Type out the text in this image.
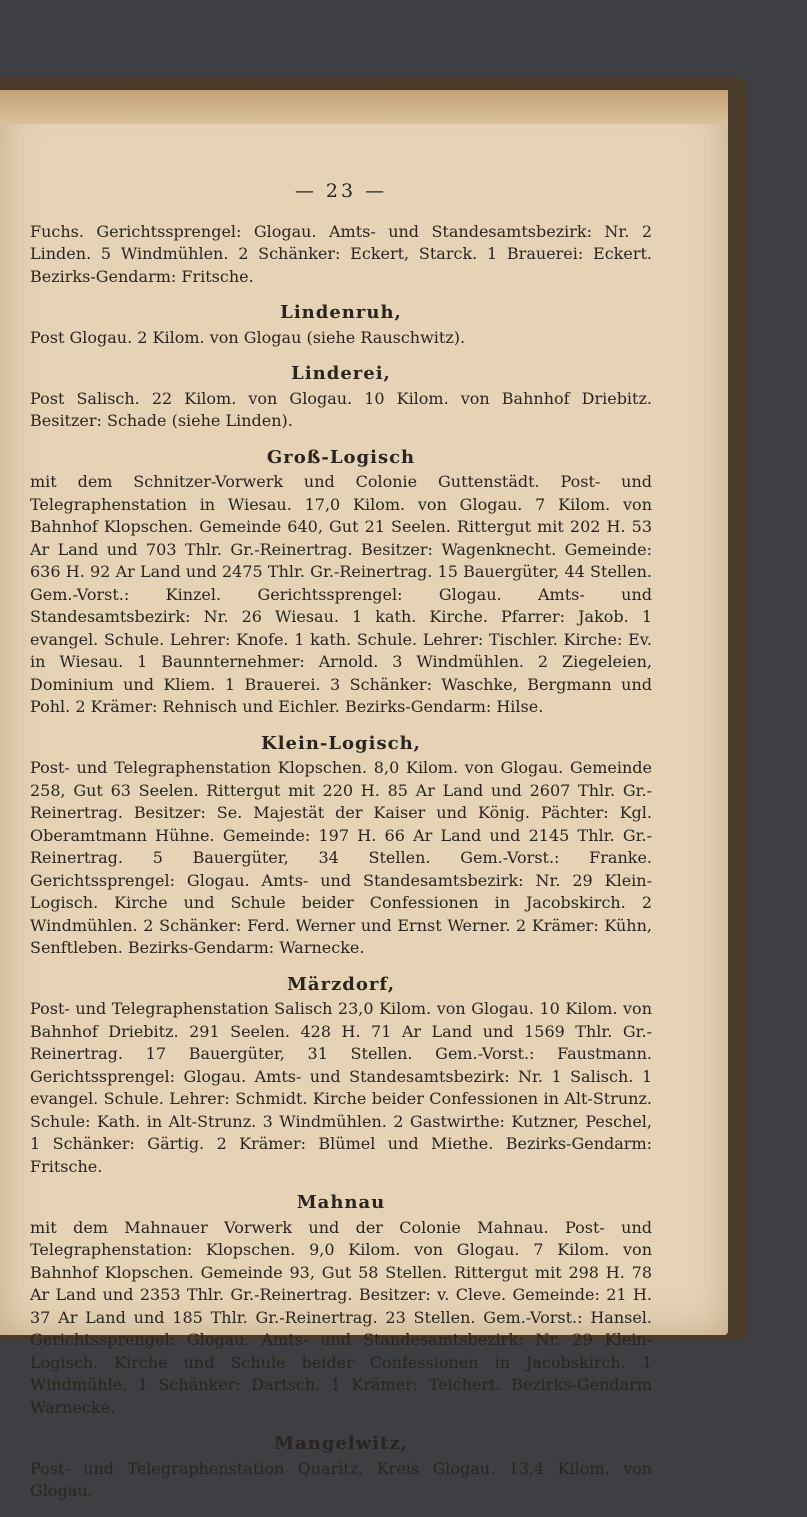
— 23 —
Fuchs. Gerichtssprengel: Glogau. Amts- und Standesamtsbezirk: Nr. 2 Linden. 5 Windmühlen. 2 Schänker: Eckert, Starck. 1 Brauerei: Eckert. Bezirks-Gendarm: Fritsche.
Lindenruh,
Post Glogau. 2 Kilom. von Glogau (siehe Rauschwitz).
Linderei,
Post Salisch. 22 Kilom. von Glogau. 10 Kilom. von Bahnhof Driebitz. Besitzer: Schade (siehe Linden).
Groß-Logisch
mit dem Schnitzer-Vorwerk und Colonie Guttenstädt. Post- und Telegraphenstation in Wiesau. 17,0 Kilom. von Glogau. 7 Kilom. von Bahnhof Klopschen. Gemeinde 640, Gut 21 Seelen. Rittergut mit 202 H. 53 Ar Land und 703 Thlr. Gr.-Reinertrag. Besitzer: Wagenknecht. Gemeinde: 636 H. 92 Ar Land und 2475 Thlr. Gr.-Reinertrag. 15 Bauergüter, 44 Stellen. Gem.-Vorst.: Kinzel. Gerichtssprengel: Glogau. Amts- und Standesamtsbezirk: Nr. 26 Wiesau. 1 kath. Kirche. Pfarrer: Jakob. 1 evangel. Schule. Lehrer: Knofe. 1 kath. Schule. Lehrer: Tischler. Kirche: Ev. in Wiesau. 1 Baunnternehmer: Arnold. 3 Windmühlen. 2 Ziegeleien, Dominium und Kliem. 1 Brauerei. 3 Schänker: Waschke, Bergmann und Pohl. 2 Krämer: Rehnisch und Eichler. Bezirks-Gendarm: Hilse.
Klein-Logisch,
Post- und Telegraphenstation Klopschen. 8,0 Kilom. von Glogau. Gemeinde 258, Gut 63 Seelen. Rittergut mit 220 H. 85 Ar Land und 2607 Thlr. Gr.-Reinertrag. Besitzer: Se. Majestät der Kaiser und König. Pächter: Kgl. Oberamtmann Hühne. Gemeinde: 197 H. 66 Ar Land und 2145 Thlr. Gr.-Reinertrag. 5 Bauergüter, 34 Stellen. Gem.-Vorst.: Franke. Gerichtssprengel: Glogau. Amts- und Standesamtsbezirk: Nr. 29 Klein-Logisch. Kirche und Schule beider Confessionen in Jacobskirch. 2 Windmühlen. 2 Schänker: Ferd. Werner und Ernst Werner. 2 Krämer: Kühn, Senftleben. Bezirks-Gendarm: Warnecke.
Märzdorf,
Post- und Telegraphenstation Salisch 23,0 Kilom. von Glogau. 10 Kilom. von Bahnhof Driebitz. 291 Seelen. 428 H. 71 Ar Land und 1569 Thlr. Gr.-Reinertrag. 17 Bauergüter, 31 Stellen. Gem.-Vorst.: Faustmann. Gerichtssprengel: Glogau. Amts- und Standesamtsbezirk: Nr. 1 Salisch. 1 evangel. Schule. Lehrer: Schmidt. Kirche beider Confessionen in Alt-Strunz. Schule: Kath. in Alt-Strunz. 3 Windmühlen. 2 Gastwirthe: Kutzner, Peschel, 1 Schänker: Gärtig. 2 Krämer: Blümel und Miethe. Bezirks-Gendarm: Fritsche.
Mahnau
mit dem Mahnauer Vorwerk und der Colonie Mahnau. Post- und Telegraphenstation: Klopschen. 9,0 Kilom. von Glogau. 7 Kilom. von Bahnhof Klopschen. Gemeinde 93, Gut 58 Stellen. Rittergut mit 298 H. 78 Ar Land und 2353 Thlr. Gr.-Reinertrag. Besitzer: v. Cleve. Gemeinde: 21 H. 37 Ar Land und 185 Thlr. Gr.-Reinertrag. 23 Stellen. Gem.-Vorst.: Hansel. Gerichtssprengel: Glogau. Amts- und Standesamtsbezirk: Nr. 29 Klein-Logisch. Kirche und Schule beider Confessionen in Jacobskirch. 1 Windmühle. 1 Schänker: Dartsch. 1 Krämer: Teichert. Bezirks-Gendarm Warnecke.
Mangelwitz,
Post- und Telegraphenstation Quaritz, Kreis Glogau. 13,4 Kilom. von Glogau.
